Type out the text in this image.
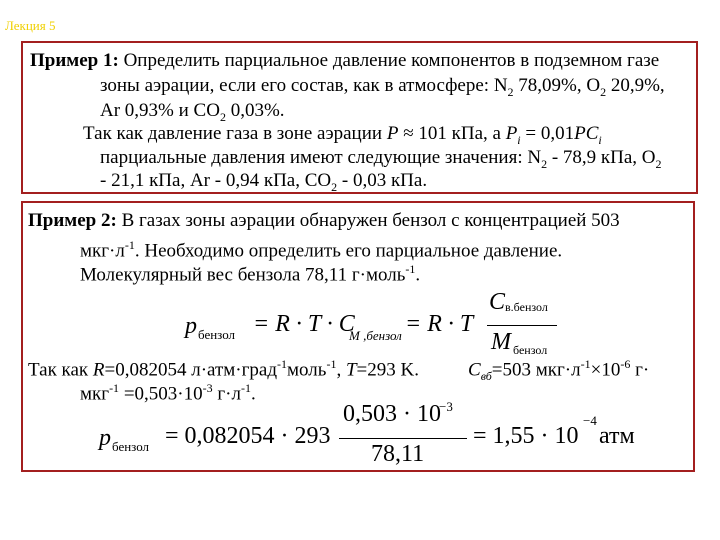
Лекция 5
Пример 1: Определить парциальное давление компонентов в подземном газе
зоны аэрации, если его состав, как в атмосфере: $N_2$ 78,09%, $O_2$ 20,9%,
Ar 0,93% и $CO_2$ 0,03%.
Так как давление газа в зоне аэрации P ≈ 101 кПа, а $P_i = 0,01PC_i$
парциальные давления имеют следующие значения: $N_2 - 78,9$ кПа, $O_2$
- 21,1 кПа, Ar - 0,94 кПа, $CO_2 - 0,03$ кПа.
Пример 2: В газах зоны аэрации обнаружен бензол с концентрацией 503
$мкг\cdot л^{-1}$. Необходимо определить его парциальное давление.
Молекулярный вес бензола 78,11 г·моль$^{-1}$.
p бензол = R · T · C
M ,бензол = R · T
C в.бензол
M бензол
Так как R=0,082054 л·атм·град$^{-1}$моль$^{-1}$, T=293 K.	$C_{вб}=503$ $мкг\cdot л^{-1}\times 10^{-6}$ г·
$мкг^{-1} =0,503\cdot 10^{-3}$ $г\cdot л^{-1}$.
p бензол = 0,082054 · 293
0,503 · 10
−3
78,11
= 1,55 · 10
−4
атм
